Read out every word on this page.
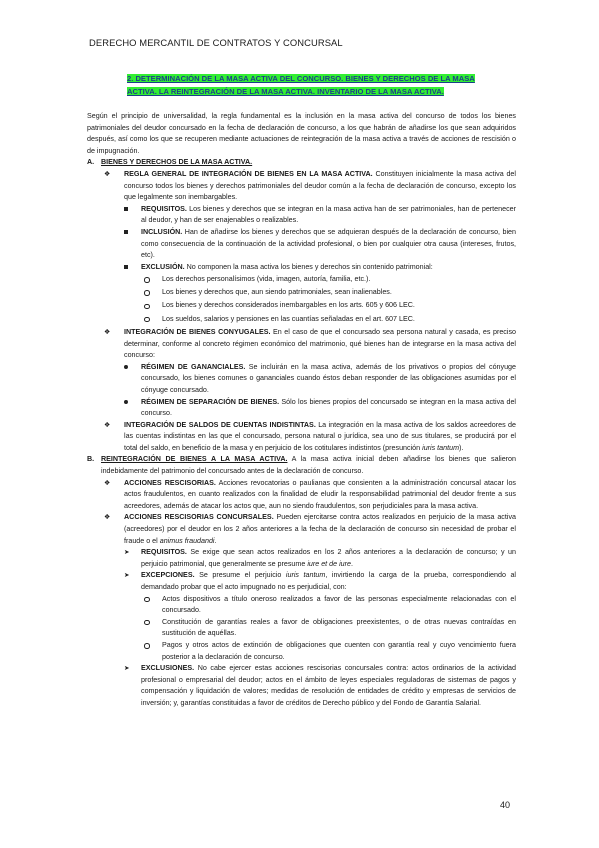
DERECHO MERCANTIL DE CONTRATOS Y CONCURSAL
2. DETERMINACIÓN DE LA MASA ACTIVA DEL CONCURSO. BIENES Y DERECHOS DE LA MASA
ACTIVA. LA REINTEGRACIÓN DE LA MASA ACTIVA. INVENTARIO DE LA MASA ACTIVA.

Según el principio de universalidad, la regla fundamental es la inclusión en la masa activa del concurso de todos los bienes patrimoniales del deudor concursado en la fecha de declaración de concurso, a los que habrán de añadirse los que sean adquiridos después, así como los que se recuperen mediante actuaciones de reintegración de la masa activa a través de acciones de rescisión o de impugnación.

A. BIENES Y DERECHOS DE LA MASA ACTIVA.
❖	REGLA GENERAL DE INTEGRACIÓN DE BIENES EN LA MASA ACTIVA. Constituyen inicialmente la masa activa del concurso todos los bienes y derechos patrimoniales del deudor común a la fecha de declaración de concurso, excepto los que legalmente son inembargables.
REQUISITOS. Los bienes y derechos que se integran en la masa activa han de ser patrimoniales, han de pertenecer al deudor, y han de ser enajenables o realizables.
INCLUSIÓN. Han de añadirse los bienes y derechos que se adquieran después de la declaración de concurso, bien como consecuencia de la continuación de la actividad profesional, o bien por cualquier otra causa (intereses, frutos, etc).
EXCLUSIÓN. No componen la masa activa los bienes y derechos sin contenido patrimonial:
Los derechos personalísimos (vida, imagen, autoría, familia, etc.).
Los bienes y derechos que, aun siendo patrimoniales, sean inalienables.
Los bienes y derechos considerados inembargables en los arts. 605 y 606 LEC.
Los sueldos, salarios y pensiones en las cuantías señaladas en el art. 607 LEC.
❖	INTEGRACIÓN DE BIENES CONYUGALES. En el caso de que el concursado sea persona natural y casada, es preciso determinar, conforme al concreto régimen económico del matrimonio, qué bienes han de integrarse en la masa activa del concurso:
RÉGIMEN DE GANANCIALES. Se incluirán en la masa activa, además de los privativos o propios del cónyuge concursado, los bienes comunes o gananciales cuando éstos deban responder de las obligaciones asumidas por el cónyuge concursado.
RÉGIMEN DE SEPARACIÓN DE BIENES. Sólo los bienes propios del concursado se integran en la masa activa del concurso.
❖	INTEGRACIÓN DE SALDOS DE CUENTAS INDISTINTAS. La integración en la masa activa de los saldos acreedores de las cuentas indistintas en las que el concursado, persona natural o jurídica, sea uno de sus titulares, se producirá por el total del saldo, en beneficio de la masa y en perjuicio de los cotitulares indistintos (presunción iuris tantum).
B. REINTEGRACIÓN DE BIENES A LA MASA ACTIVA. A la masa activa inicial deben añadirse los bienes que salieron indebidamente del patrimonio del concursado antes de la declaración de concurso.
❖	ACCIONES RESCISORIAS. Acciones revocatorias o paulianas que consienten a la administración concursal atacar los actos fraudulentos, en cuanto realizados con la finalidad de eludir la responsabilidad patrimonial del deudor frente a sus acreedores, además de atacar los actos que, aun no siendo fraudulentos, son perjudiciales para la masa activa.
❖	ACCIONES RESCISORIAS CONCURSALES. Pueden ejercitarse contra actos realizados en perjuicio de la masa activa (acreedores) por el deudor en los 2 años anteriores a la fecha de la declaración de concurso sin necesidad de probar el fraude o el animus fraudandi.
➤	REQUISITOS. Se exige que sean actos realizados en los 2 años anteriores a la declaración de concurso; y un perjuicio patrimonial, que generalmente se presume iure et de iure.
➤	EXCEPCIONES. Se presume el perjuicio iuris tantum, invirtiendo la carga de la prueba, correspondiendo al demandado probar que el acto impugnado no es perjudicial, con:
Actos dispositivos a título oneroso realizados a favor de las personas especialmente relacionadas con el concursado.
Constitución de garantías reales a favor de obligaciones preexistentes, o de otras nuevas contraídas en sustitución de aquéllas.
Pagos y otros actos de extinción de obligaciones que cuenten con garantía real y cuyo vencimiento fuera posterior a la declaración de concurso.
➤	EXCLUSIONES. No cabe ejercer estas acciones rescisorias concursales contra: actos ordinarios de la actividad profesional o empresarial del deudor; actos en el ámbito de leyes especiales reguladoras de sistemas de pagos y compensación y liquidación de valores; medidas de resolución de entidades de crédito y empresas de servicios de inversión; y, garantías constituidas a favor de créditos de Derecho público y del Fondo de Garantía Salarial.
40
